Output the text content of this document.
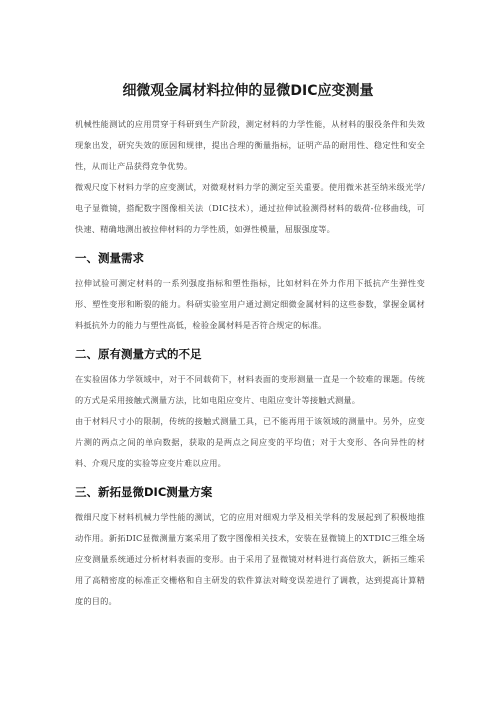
细微观金属材料拉伸的显微DIC应变测量

机械性能测试的应用贯穿于科研到生产阶段，测定材料的力学性能，从材料的服役条件和失效现象出发，研究失效的原因和规律，提出合理的衡量指标，证明产品的耐用性、稳定性和安全性，从而让产品获得竞争优势。

微观尺度下材料力学的应变测试，对微观材料力学的测定至关重要。使用微米甚至纳米级光学/电子显微镜，搭配数字图像相关法（DIC技术），通过拉伸试验测得材料的载荷-位移曲线，可快速、精确地测出被拉伸材料的力学性质，如弹性模量，屈服强度等。

一、测量需求

拉伸试验可测定材料的一系列强度指标和塑性指标，比如材料在外力作用下抵抗产生弹性变形、塑性变形和断裂的能力。科研实验室用户通过测定细微金属材料的这些参数，掌握金属材料抵抗外力的能力与塑性高低，检验金属材料是否符合规定的标准。

二、原有测量方式的不足

在实验固体力学领域中，对于不同载荷下，材料表面的变形测量一直是一个较难的课题。传统的方式是采用接触式测量方法，比如电阻应变片、电阻应变计等接触式测量。

由于材料尺寸小的限制，传统的接触式测量工具，已不能再用于该领域的测量中。另外，应变片测的两点之间的单向数据，获取的是两点之间应变的平均值；对于大变形、各向异性的材料、介观尺度的实验等应变片难以应用。

三、新拓显微DIC测量方案

微细尺度下材料机械力学性能的测试，它的应用对细观力学及相关学科的发展起到了积极地推动作用。新拓DIC显微测量方案采用了数字图像相关技术，安装在显微镜上的XTDIC三维全场应变测量系统通过分析材料表面的变形。由于采用了显微镜对材料进行高倍放大，新拓三维采用了高精密度的标准正交栅格和自主研发的软件算法对畸变误差进行了调教，达到提高计算精度的目的。
